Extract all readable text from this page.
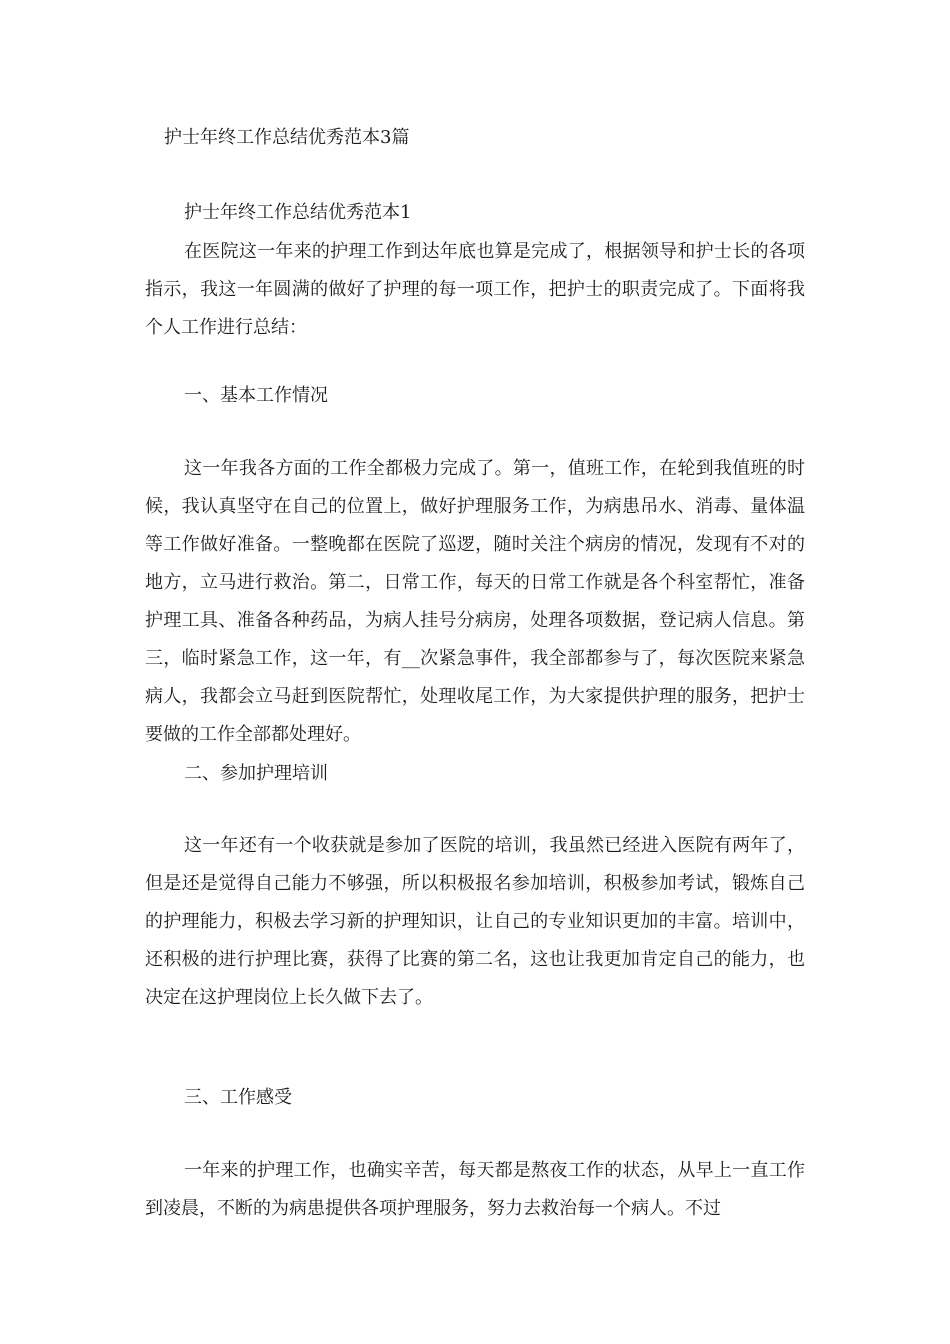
护士年终工作总结优秀范本3篇
护士年终工作总结优秀范本1

在医院这一年来的护理工作到达年底也算是完成了，根据领导和护士长的各项指示，我这一年圆满的做好了护理的每一项工作，把护士的职责完成了。下面将我个人工作进行总结：

一、基本工作情况

这一年我各方面的工作全都极力完成了。第一，值班工作，在轮到我值班的时候，我认真坚守在自己的位置上，做好护理服务工作，为病患吊水、消毒、量体温等工作做好准备。一整晚都在医院了巡逻，随时关注个病房的情况，发现有不对的地方，立马进行救治。第二，日常工作，每天的日常工作就是各个科室帮忙，准备护理工具、准备各种药品，为病人挂号分病房，处理各项数据，登记病人信息。第三，临时紧急工作，这一年，有__次紧急事件，我全部都参与了，每次医院来紧急病人，我都会立马赶到医院帮忙，处理收尾工作，为大家提供护理的服务，把护士要做的工作全部都处理好。

二、参加护理培训

这一年还有一个收获就是参加了医院的培训，我虽然已经进入医院有两年了，但是还是觉得自己能力不够强，所以积极报名参加培训，积极参加考试，锻炼自己的护理能力，积极去学习新的护理知识，让自己的专业知识更加的丰富。培训中，还积极的进行护理比赛，获得了比赛的第二名，这也让我更加肯定自己的能力，也决定在这护理岗位上长久做下去了。

三、工作感受

一年来的护理工作，也确实辛苦，每天都是熬夜工作的状态，从早上一直工作到凌晨，不断的为病患提供各项护理服务，努力去救治每一个病人。不过
